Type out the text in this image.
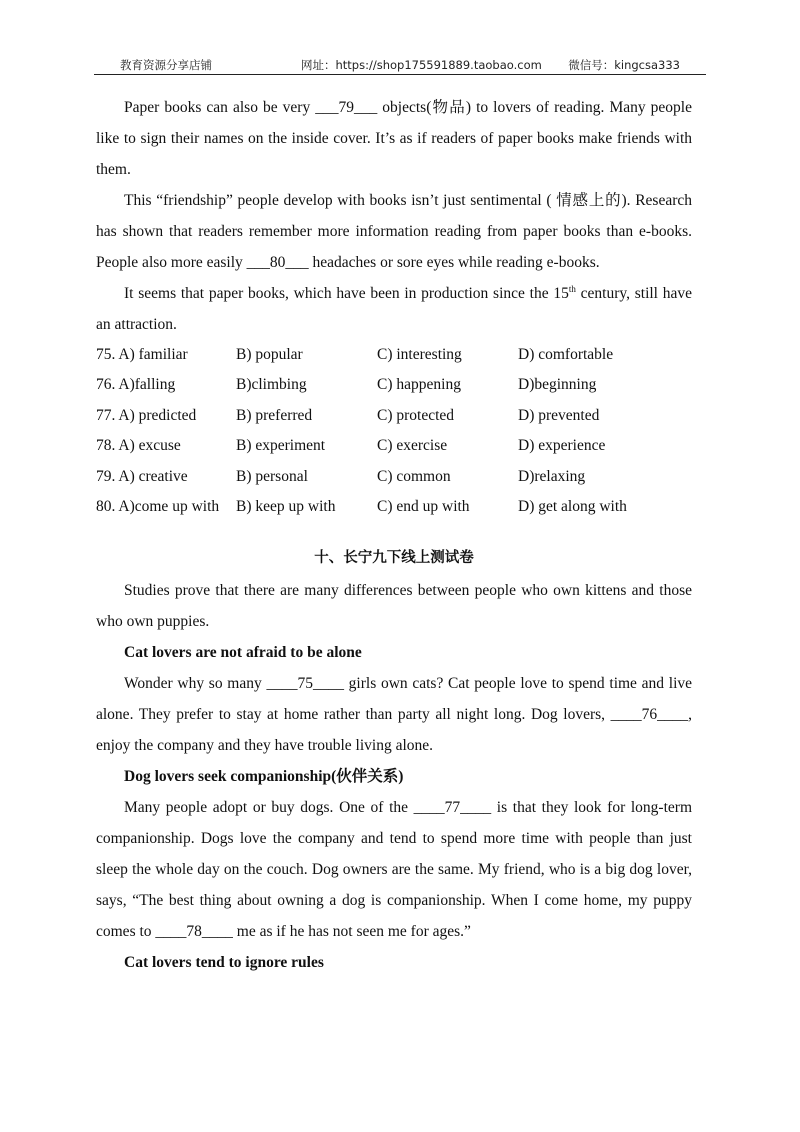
教育资源分享店铺	网址：https://shop175591889.taobao.com 微信号：kingcsa333

Paper books can also be very ___79___ objects(物品) to lovers of reading. Many people like to sign their names on the inside cover. It’s as if readers of paper books make friends with them.

This “friendship” people develop with books isn’t just sentimental ( 情感上的). Research has shown that readers remember more information reading from paper books than e-books. People also more easily ___80___ headaches or sore eyes while reading e-books.

It seems that paper books, which have been in production since the 15th century, still have an attraction.

75. A) familiar	B) popular	C) interesting	D) comfortable
76. A)falling	B)climbing	C) happening	D)beginning
77. A) predicted	B) preferred	C) protected	D) prevented
78. A) excuse	B) experiment	C) exercise	D) experience
79. A) creative	B) personal	C) common	D)relaxing
80. A)come up with	B) keep up with	C) end up with	D) get along with
十、长宁九下线上测试卷

Studies prove that there are many differences between people who own kittens and those who own puppies.

Cat lovers are not afraid to be alone

Wonder why so many ____75____ girls own cats? Cat people love to spend time and live alone. They prefer to stay at home rather than party all night long. Dog lovers, ____76____, enjoy the company and they have trouble living alone.

Dog lovers seek companionship(伙伴关系)

Many people adopt or buy dogs. One of the ____77____ is that they look for long-term companionship. Dogs love the company and tend to spend more time with people than just sleep the whole day on the couch. Dog owners are the same. My friend, who is a big dog lover, says, “The best thing about owning a dog is companionship. When I come home, my puppy comes to ____78____ me as if he has not seen me for ages.”

Cat lovers tend to ignore rules
